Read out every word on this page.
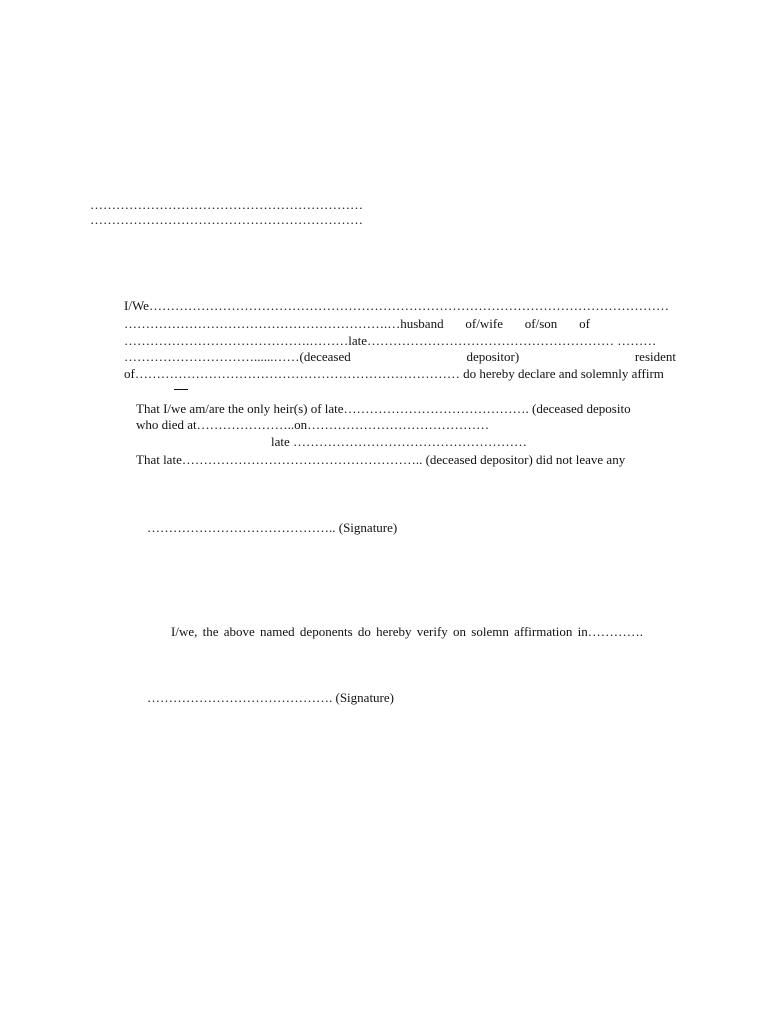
………………………………………………………
………………………………………………………
I/We…………………………………………………………………………………………………………
…………………………………………………….…husband of/wife of/son of
…………………………………….………late………………………………………………… ………
…………………………......……(deceased	depositor)	resident
of………………………………………………………………… do hereby declare and solemnly affirm
That I/we am/are the only heir(s) of late……………………………………. (deceased deposito
who died at…………………..on……………………………………
late ………………………………………………
That late……………………………………………….. (deceased depositor) did not leave any
…………………………………….. (Signature)
I/we, the above named deponents do hereby verify on solemn affirmation in………….
……………………………………. (Signature)
